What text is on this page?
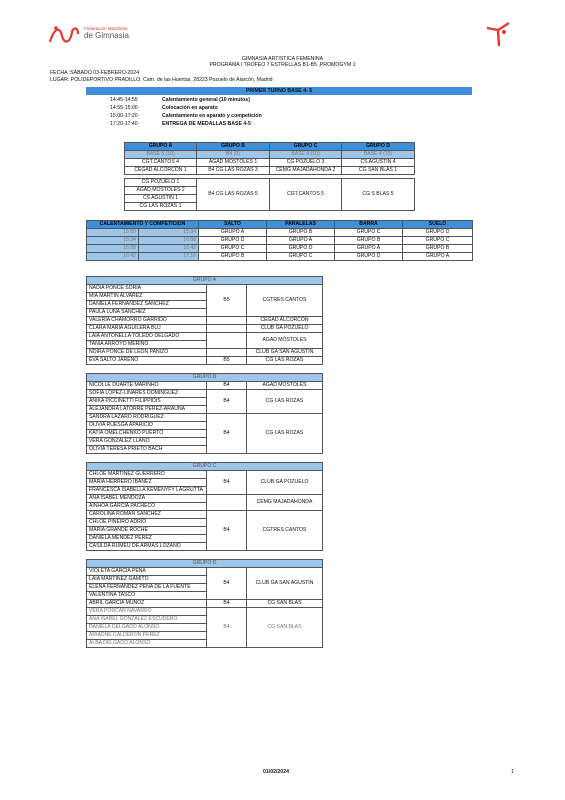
Federación Madrileña
de Gimnasia
GIMNASIA ARTISTICA FEMENINA
PROGRAMA I TROFEO 7 ESTRELLAS B1-B5 ,PROMOGYM 1
FECHA :SÁBADO 03-FEBRERO-2024
LUGAR: POLIDEPORTIVO PRADILLO; Cam. de las Huertas, 28223 Pozuelo de Alarcón, Madrid
PRIMER TURNO BASE 4- 5
14:45-14:55	Calentamiento general (10 minutos)
14:55-15:00	Colocación en aparato
15:00-17:20	Calentamiento en aparato y competición
17:20-17:40	ENTREGA DE MEDALLAS BASE 4-5
GRUPO A	GRUPO B	GRUPO C	GRUPO D
BASE 5 (10)	B4 (9)	BASE 4 (10)	BASE 4 (10)
CGT.CANTOS 4	AGAD MÓSTOLES 1	CG POZUELO 3	CS AGUSTIN 4
CEGAD ALCORCON 1	B4 CG LAS ROZAS 3	CEMG MAJADAHONDA 2	CG SAN BLAS 1

CG POZUELO 1	B4 CG LAS ROZAS 5	CGT.CANTOS 5	CG S BLAS 5
AGAD MÓSTOLES 2			
CS AGUSTIN 1			
CG LAS ROZAS 1			
CALENTAMIENTO Y COMPETICIÓN		SALTO	PARALELAS	BARRA	SUELO
15:00	15:34	GRUPO A	GRUPO B	GRUPO C	GRUPO D
15:34	16:08	GRUPO D	GRUPO A	GRUPO B	GRUPO C
16:08	16:42	GRUPO C	GRUPO D	GRUPO A	GRUPO B
16:42	17:16	GRUPO B	GRUPO C	GRUPO D	GRUPO A
GRUPO A		
NADIA PONCE SORIA	B5	CGTRES CANTOS
MIA MARTIN ALVAREZ		
DANIELA FERNANDEZ SANCHEZ		
PAULA LUNA SANCHEZ		
VALERIA CHAMORRO GARRIDO		CEGAD ALCORCON
CLARA MARIA AGUILERA BUJ		CLUB GA POZUELO
LAIA ANTONELLA TOLEDO DELGADO		AGAD MÓSTOLES
TANIA ARROYO MERINO		
NOIRA PONCE DE LEON PANIZO		CLUB GA SAN AGUSTIN
EVA SALTO JAREÑO	B5	CG LAS ROZAS
GRUPO B		
NICOLLE DUARTE MARINHO	B4	AGAD MÓSTOLES
SOFIA LOPEZ-LINARES DOMINGUEZ	B4	CG LAS ROZAS
ANIKA PICCINETTI FILIPPIDIS		
ALEJANDRA LATORRE PEREZ-ARAUNA		
SANDRA LÁZARO RODRÍGUEZ	B4	CG LAS ROZAS
OLIVIA RUESGA APARICIO		
KATIA OMELCHENKO PUERTO		
VERA GONZALEZ LLANO		
OLIVIA TERESA PRIETO BACH		
GRUPO C		
CHLOE MARTÍNEZ GUERRERO	B4	CLUB GA POZUELO
MARÍA HERRERO IBÁÑEZ		
FRANCESCA ISABELLA KEMENYFY LAGRUTTA		
ANA ISABEL MENDOZA		CEMG MAJADAHONDA
AINHOA GARCIA PACHECO		
CAROLINA ROMAN SANCHEZ	B4	CGTRES CANTOS
CHLOE PIÑEIRO ADRIO		
MARIA GRANDE ROCHE		
DANIELA MENDEZ PEREZ		
CASILDA RUMEU DE ARMAS LOZANO		
GRUPO D		
VIOLETA GARCIA PEÑA	B4	CLUB GA SAN AGUSTIN
LAIA MARTINEZ GAMITO		
ELENA FERNANDEZ PEÑA DE LA FUENTE		
VALENTINA TASCO		
ABRIL GARCIA MUÑOZ	B4	CG SAN BLAS
VERA PORCAR NAVARRO	B4	CG SAN BLAS
ANA ISABEL GONZALEZ ESCUDERO		
DANIELA DELGADO ALONSO		
ARIADNE CALDERON PEREZ		
ALBA DELGADO ALONSO		
01/02/2024	1
